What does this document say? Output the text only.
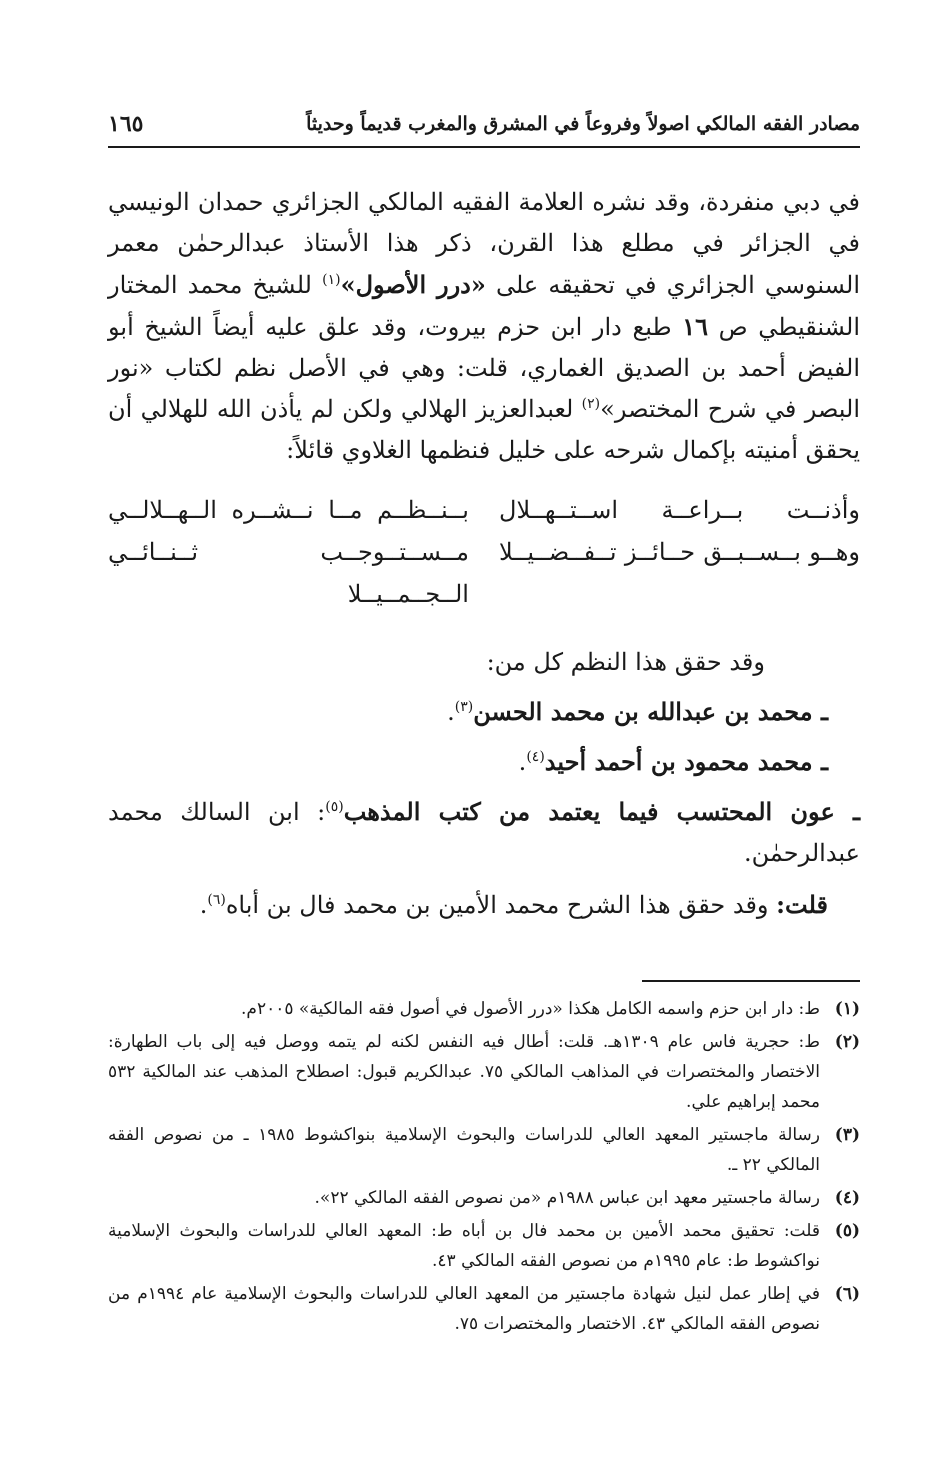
مصادر الفقه المالكي اصولاً وفروعاً في المشرق والمغرب قديماً وحديثاً
١٦٥

في دبي منفردة، وقد نشره العلامة الفقيه المالكي الجزائري حمدان الونيسي في الجزائر في مطلع هذا القرن، ذكر هذا الأستاذ عبدالرحمٰن معمر السنوسي الجزائري في تحقيقه على «درر الأصول»$^{(١)}$ للشيخ محمد المختار الشنقيطي ص ١٦ طبع دار ابن حزم بيروت، وقد علق عليه أيضاً الشيخ أبو الفيض أحمد بن الصديق الغماري، قلت: وهي في الأصل نظم لكتاب «نور البصر في شرح المختصر»$^{(٢)}$ لعبدالعزيز الهلالي ولكن لم يأذن الله للهلالي أن يحقق أمنيته بإكمال شرحه على خليل فنظمها الغلاوي قائلاً:

وأذنــت بــراعــة اســتــهــلال
بــنــظــم مــا نــشــره الــهــلالــي
وهــو بــســبــق حــائــز تــفــضــيــلا
مــســتــوجــب ثــنــائــي الــجــمــيــلا

وقد حقق هذا النظم كل من:

ـ محمد بن عبدالله بن محمد الحسن$^{(٣)}$.

ـ محمد محمود بن أحمد أحيد$^{(٤)}$.

ـ عون المحتسب فيما يعتمد من كتب المذهب$^{(٥)}$: ابن السالك محمد عبدالرحمٰن.

قلت: وقد حقق هذا الشرح محمد الأمين بن محمد فال بن أباه$^{(٦)}$.

(١)
ط: دار ابن حزم واسمه الكامل هكذا «درر الأصول في أصول فقه المالكية» ٢٠٠٥م.
(٢)
ط: حجرية فاس عام ١٣٠٩هـ. قلت: أطال فيه النفس لكنه لم يتمه ووصل فيه إلى باب الطهارة: الاختصار والمختصرات في المذاهب المالكي ٧٥. عبدالكريم قبول: اصطلاح المذهب عند المالكية ٥٣٢ محمد إبراهيم علي.
(٣)
رسالة ماجستير المعهد العالي للدراسات والبحوث الإسلامية بنواكشوط ١٩٨٥ ـ من نصوص الفقه المالكي ٢٢ ـ.
(٤)
رسالة ماجستير معهد ابن عباس ١٩٨٨م «من نصوص الفقه المالكي ٢٢».
(٥)
قلت: تحقيق محمد الأمين بن محمد فال بن أباه ط: المعهد العالي للدراسات والبحوث الإسلامية نواكشوط ط: عام ١٩٩٥م من نصوص الفقه المالكي ٤٣.
(٦)
في إطار عمل لنيل شهادة ماجستير من المعهد العالي للدراسات والبحوث الإسلامية عام ١٩٩٤م من نصوص الفقه المالكي ٤٣. الاختصار والمختصرات ٧٥.
